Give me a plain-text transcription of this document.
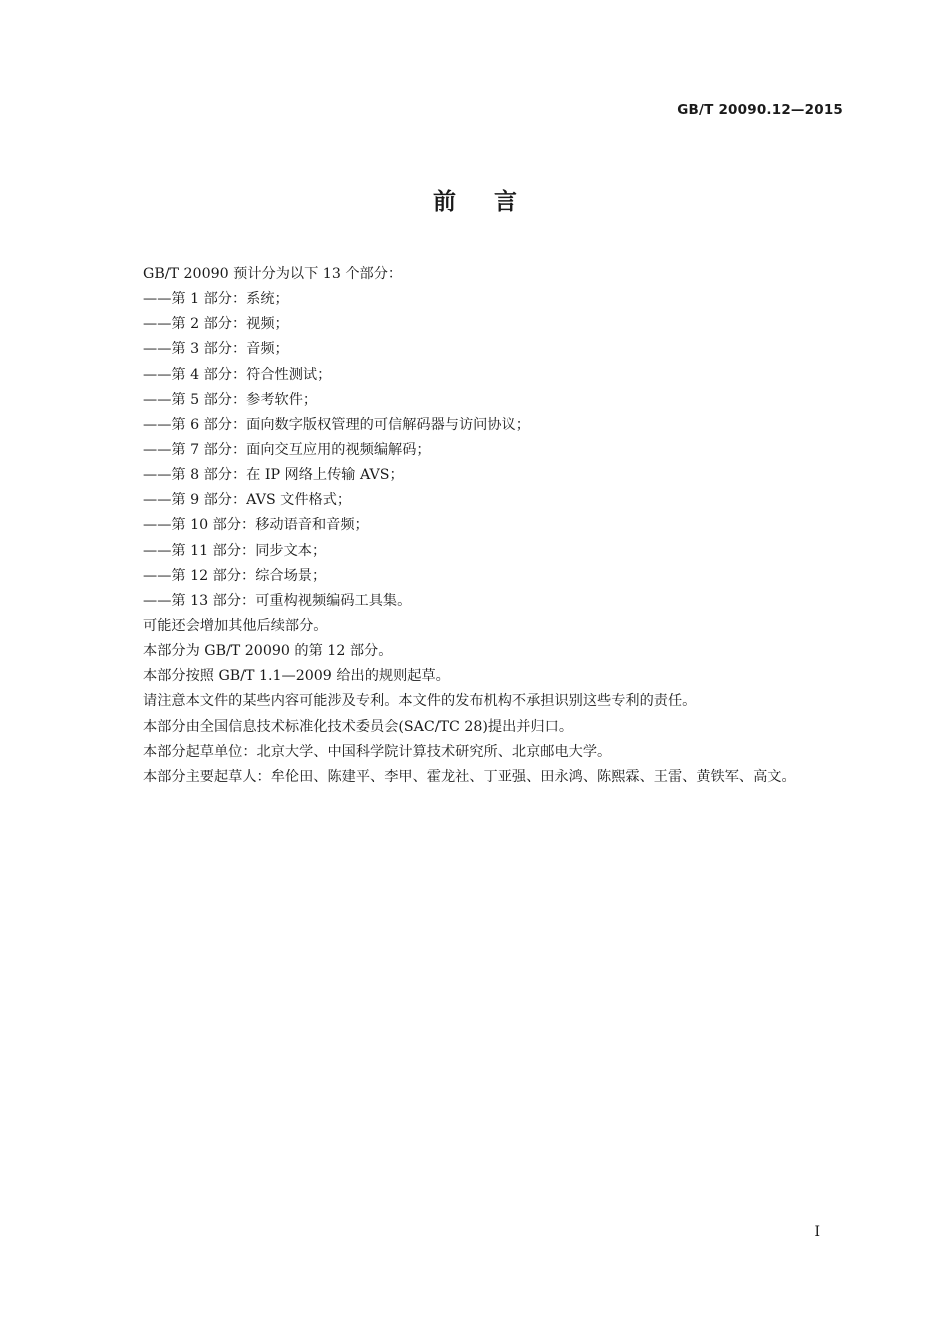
GB/T 20090.12—2015
前言
GB/T 20090 预计分为以下 13 个部分：
——第 1 部分：系统；
——第 2 部分：视频；
——第 3 部分：音频；
——第 4 部分：符合性测试；
——第 5 部分：参考软件；
——第 6 部分：面向数字版权管理的可信解码器与访问协议；
——第 7 部分：面向交互应用的视频编解码；
——第 8 部分：在 IP 网络上传输 AVS；
——第 9 部分：AVS 文件格式；
——第 10 部分：移动语音和音频；
——第 11 部分：同步文本；
——第 12 部分：综合场景；
——第 13 部分：可重构视频编码工具集。
可能还会增加其他后续部分。
本部分为 GB/T 20090 的第 12 部分。
本部分按照 GB/T 1.1—2009 给出的规则起草。
请注意本文件的某些内容可能涉及专利。本文件的发布机构不承担识别这些专利的责任。
本部分由全国信息技术标准化技术委员会(SAC/TC 28)提出并归口。
本部分起草单位：北京大学、中国科学院计算技术研究所、北京邮电大学。
本部分主要起草人：牟伦田、陈建平、李甲、霍龙社、丁亚强、田永鸿、陈熙霖、王雷、黄铁军、高文。
I
